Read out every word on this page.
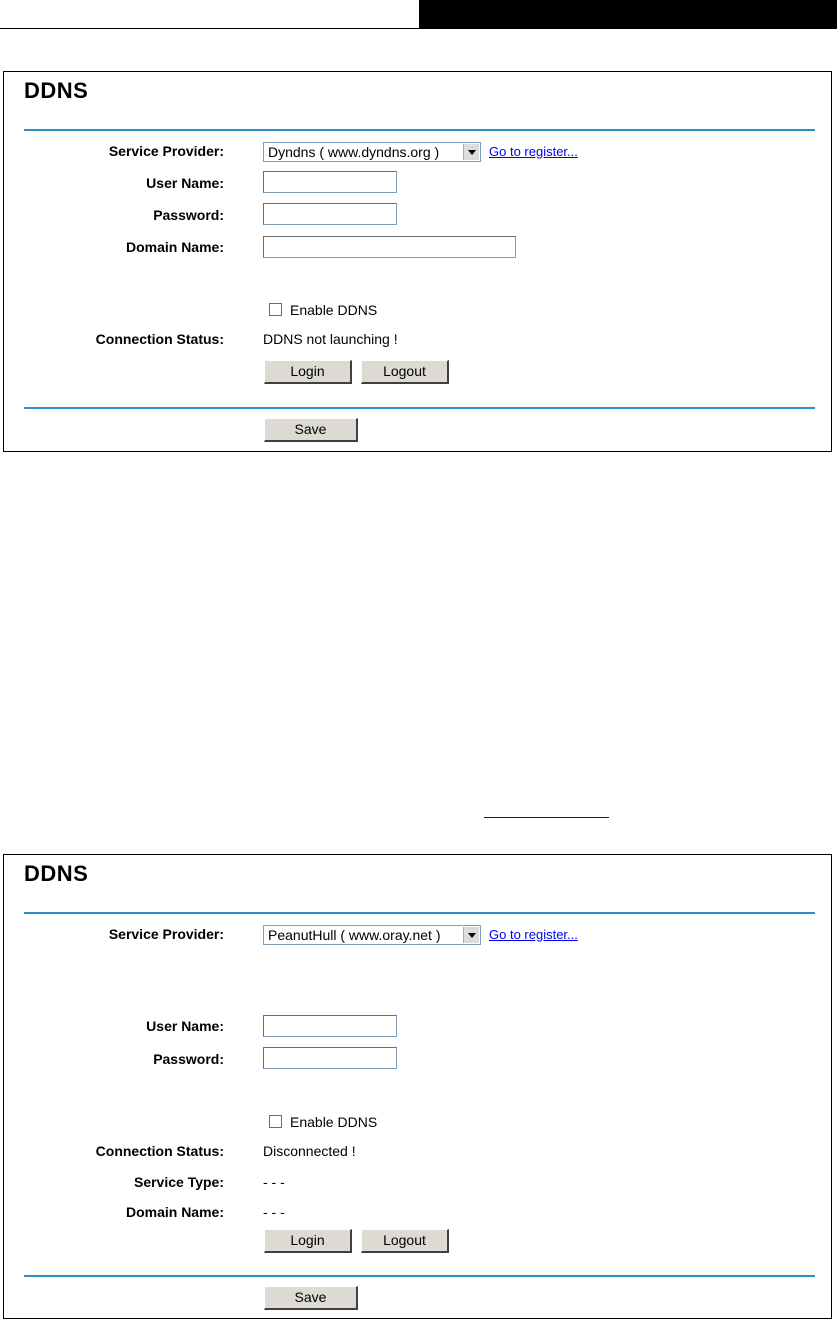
DDNS
Service Provider:	Dyndns ( www.dyndns.org )	Go to register...
User Name:
Password:
Domain Name:
Enable DDNS
Connection Status:	DDNS not launching !
Login	Logout
Save
DDNS
Service Provider:	PeanutHull ( www.oray.net )	Go to register...
User Name:
Password:
Enable DDNS
Connection Status:	Disconnected !
Service Type:	- - -
Domain Name:	- - -
Login	Logout
Save
